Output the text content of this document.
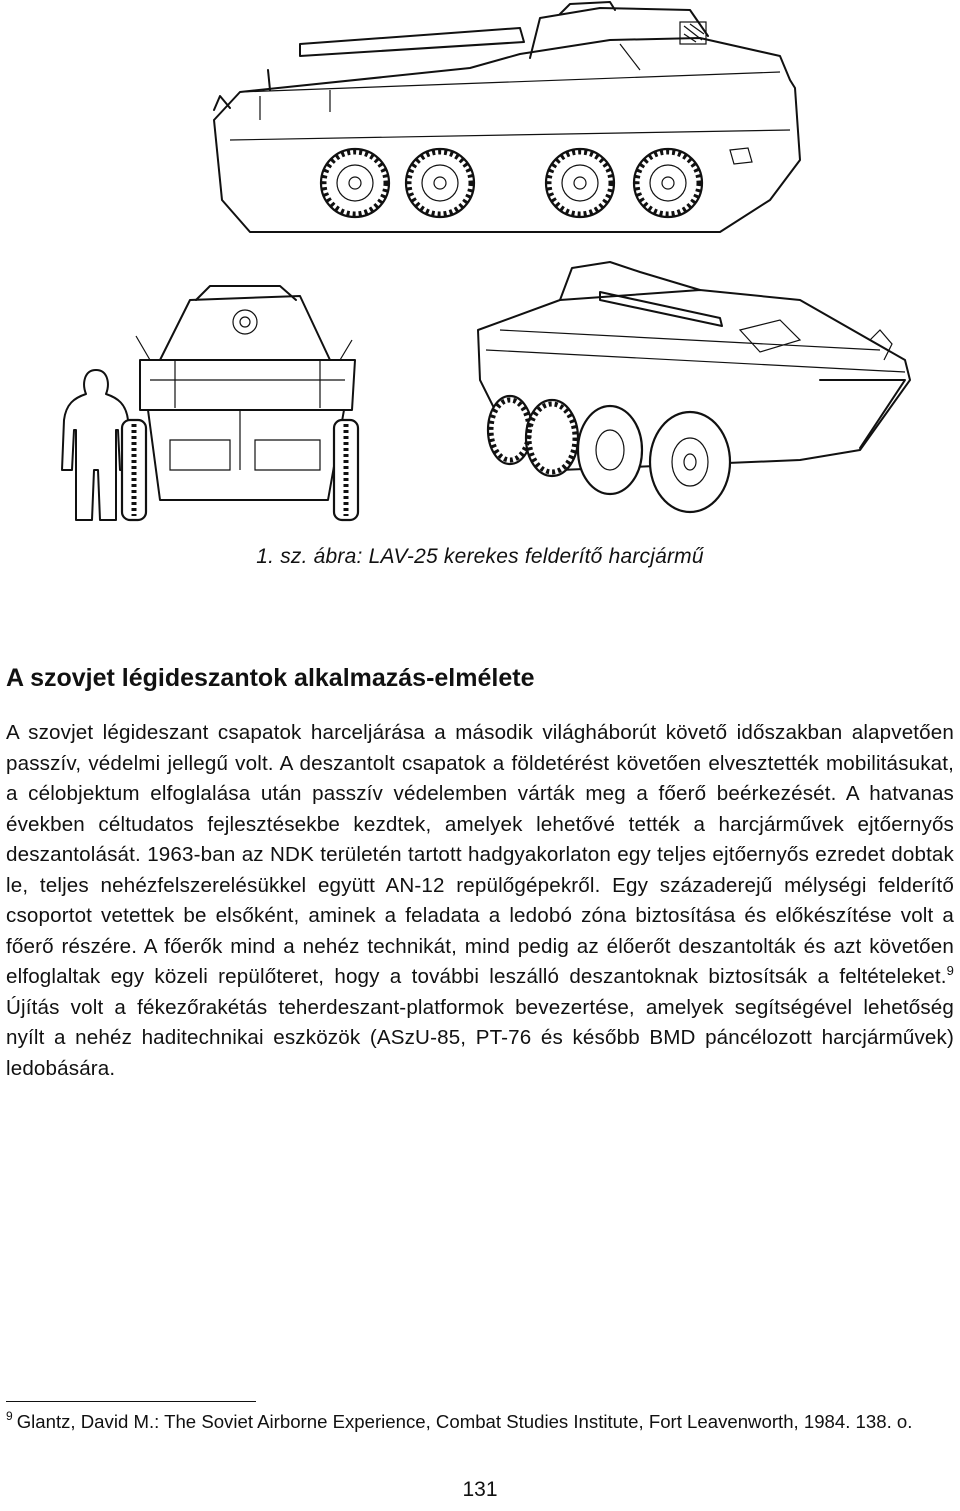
1. sz. ábra: LAV-25 kerekes felderítő harcjármű
A szovjet légideszantok alkalmazás-elmélete

A szovjet légideszant csapatok harceljárása a második világháborút követő időszakban alapvetően passzív, védelmi jellegű volt. A deszantolt csapatok a földetérést követően elvesztették mobilitásukat, a célobjektum elfoglalása után passzív védelemben várták meg a főerő beérkezését. A hatvanas években céltudatos fejlesztésekbe kezdtek, amelyek lehetővé tették a harcjárművek ejtőernyős deszantolását. 1963-ban az NDK területén tartott hadgyakorlaton egy teljes ejtőernyős ezredet dobtak le, teljes nehézfelszerelésükkel együtt AN-12 repülőgépekről. Egy századerejű mélységi felderítő csoportot vetettek be elsőként, aminek a feladata a ledobó zóna biztosítása és előkészítése volt a főerő részére. A főerők mind a nehéz technikát, mind pedig az élőerőt deszantolták és azt követően elfoglaltak egy közeli repülőteret, hogy a további leszálló deszantoknak biztosítsák a feltételeket.$^9$ Újítás volt a fékezőrakétás teherdeszant-platformok bevezertése, amelyek segítségével lehetőség nyílt a nehéz haditechnikai eszközök (ASzU-85, PT-76 és később BMD páncélozott harcjárművek) ledobására.

$^9$ Glantz, David M.: The Soviet Airborne Experience, Combat Studies Institute, Fort Leavenworth, 1984. 138. o.

131
